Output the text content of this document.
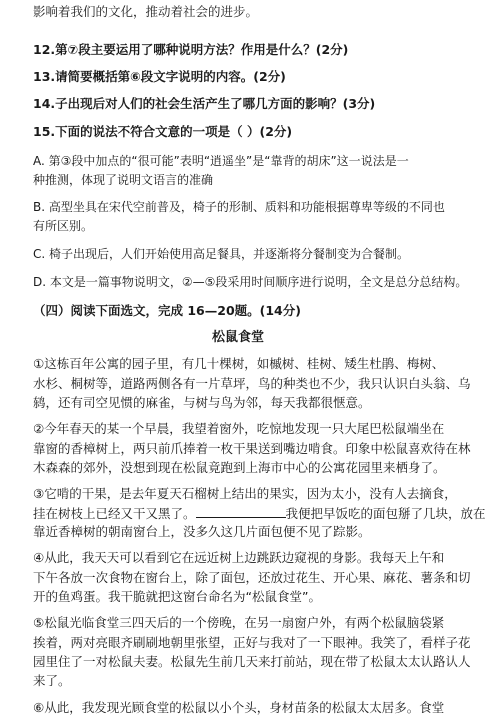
影响着我们的文化，推动着社会的进步。
12.第⑦段主要运用了哪种说明方法？作用是什么？(2分)
13.请简要概括第⑥段文字说明的内容。(2分)
14.子出现后对人们的社会生活产生了哪几方面的影响？(3分)
15.下面的说法不符合文意的一项是（ ）(2分)
A. 第③段中加点的“很可能”表明“逍遥坐”是“靠背的胡床”这一说法是一
种推测，体现了说明文语言的准确
B. 高型坐具在宋代空前普及，椅子的形制、质料和功能根据尊卑等级的不同也
有所区别。
C. 椅子出现后，人们开始使用高足餐具，并逐渐将分餐制变为合餐制。
D. 本文是一篇事物说明文，②—⑤段采用时间顺序进行说明，全文是总分总结构。
（四）阅读下面选文，完成 16—20题。(14分)
松鼠食堂
①这栋百年公寓的园子里，有几十棵树，如槭树、桂树、矮生杜鹃、梅树、
水杉、桐树等，道路两侧各有一片草坪，鸟的种类也不少，我只认识白头翁、乌
鸫，还有司空见惯的麻雀，与树与鸟为邻，每天我都很惬意。
②今年春天的某一个早晨，我望着窗外，吃惊地发现一只大尾巴松鼠端坐在
靠窗的香樟树上，两只前爪捧着一枚干果送到嘴边啃食。印象中松鼠喜欢待在林
木森森的郊外，没想到现在松鼠竟跑到上海市中心的公寓花园里来栖身了。
③它啃的干果，是去年夏天石榴树上结出的果实，因为太小，没有人去摘食，
挂在树枝上已经又干又黑了。	我便把早饭吃的面包掰了几块，放在
靠近香樟树的朝南窗台上，没多久这几片面包便不见了踪影。
④从此，我天天可以看到它在远近树上边跳跃边窥视的身影。我每天上午和
下午各放一次食物在窗台上，除了面包，还放过花生、开心果、麻花、薯条和切
开的鱼鸡蛋。我干脆就把这窗台命名为“松鼠食堂”。
⑤松鼠光临食堂三四天后的一个傍晚，在另一扇窗户外，有两个松鼠脑袋紧
挨着，两对亮眼齐刷刷地朝里张望，正好与我对了一下眼神。我笑了，看样子花
园里住了一对松鼠夫妻。松鼠先生前几天来打前站，现在带了松鼠太太认路认人
来了。
⑥从此，我发现光顾食堂的松鼠以小个头，身材苗条的松鼠太太居多。食堂
